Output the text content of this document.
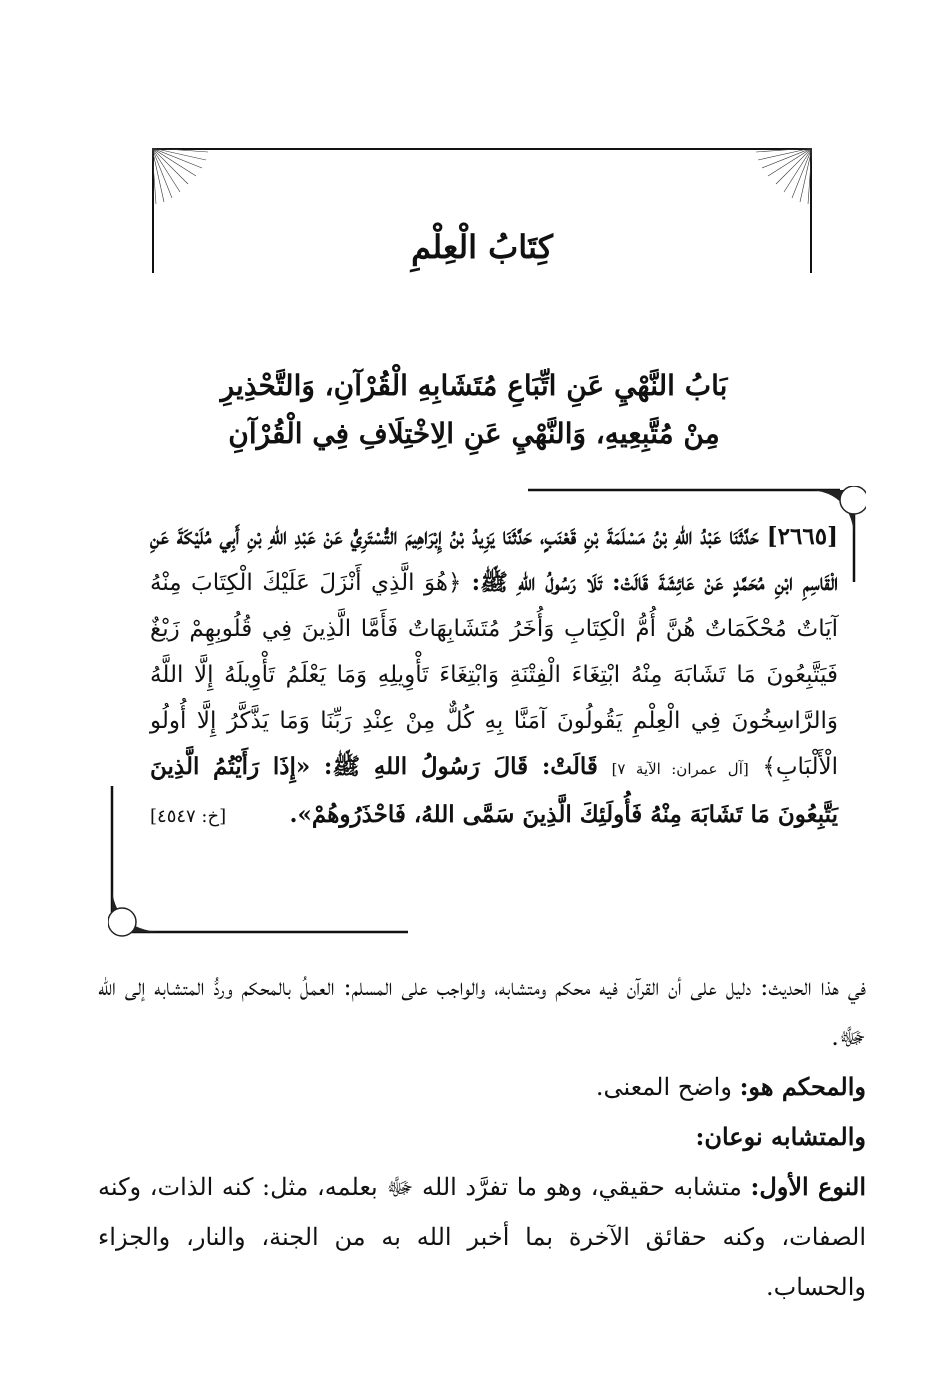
كِتَابُ الْعِلْمِ
بَابُ النَّهْيِ عَنِ اتِّبَاعِ مُتَشَابِهِ الْقُرْآنِ، وَالتَّحْذِيرِ
مِنْ مُتَّبِعِيهِ، وَالنَّهْيِ عَنِ الِاخْتِلَافِ فِي الْقُرْآنِ
[٢٦٦٥] حَدَّثَنَا عَبْدُ اللهِ بْنُ مَسْلَمَةَ بْنِ قَعْنَبٍ، حَدَّثَنَا يَزِيدُ بْنُ إِبْرَاهِيمَ التُّسْتَرِيُّ عَنْ عَبْدِ اللهِ بْنِ أَبِي مُلَيْكَةَ عَنِ الْقَاسِمِ ابْنِ مُحَمَّدٍ عَنْ عَائِشَةَ قَالَتْ: تَلَا رَسُولُ اللهِ ﷺ: ﴿هُوَ الَّذِي أَنْزَلَ عَلَيْكَ الْكِتَابَ مِنْهُ آيَاتٌ مُحْكَمَاتٌ هُنَّ أُمُّ الْكِتَابِ وَأُخَرُ مُتَشَابِهَاتٌ فَأَمَّا الَّذِينَ فِي قُلُوبِهِمْ زَيْغٌ فَيَتَّبِعُونَ مَا تَشَابَهَ مِنْهُ ابْتِغَاءَ الْفِتْنَةِ وَابْتِغَاءَ تَأْوِيلِهِ وَمَا يَعْلَمُ تَأْوِيلَهُ إِلَّا اللَّهُ وَالرَّاسِخُونَ فِي الْعِلْمِ يَقُولُونَ آمَنَّا بِهِ كُلٌّ مِنْ عِنْدِ رَبِّنَا وَمَا يَذَّكَّرُ إِلَّا أُولُو الْأَلْبَابِ﴾ [آل عمران: الآية ٧] قَالَتْ: قَالَ رَسُولُ اللهِ ﷺ: «إِذَا رَأَيْتُمُ الَّذِينَ يَتَّبِعُونَ مَا تَشَابَهَ مِنْهُ فَأُولَئِكَ الَّذِينَ سَمَّى اللهُ، فَاحْذَرُوهُمْ».
[خ: ٤٥٤٧]

في هذا الحديث: دليل على أن القرآن فيه محكم ومتشابه، والواجب على المسلم: العملُ بالمحكم وردُّ المتشابه إلى الله ﷻ.

والمحكم هو: واضح المعنى.

والمتشابه نوعان:

النوع الأول: متشابه حقيقي، وهو ما تفرَّد الله ﷻ بعلمه، مثل: كنه الذات، وكنه الصفات، وكنه حقائق الآخرة بما أخبر الله به من الجنة، والنار، والجزاء والحساب.
